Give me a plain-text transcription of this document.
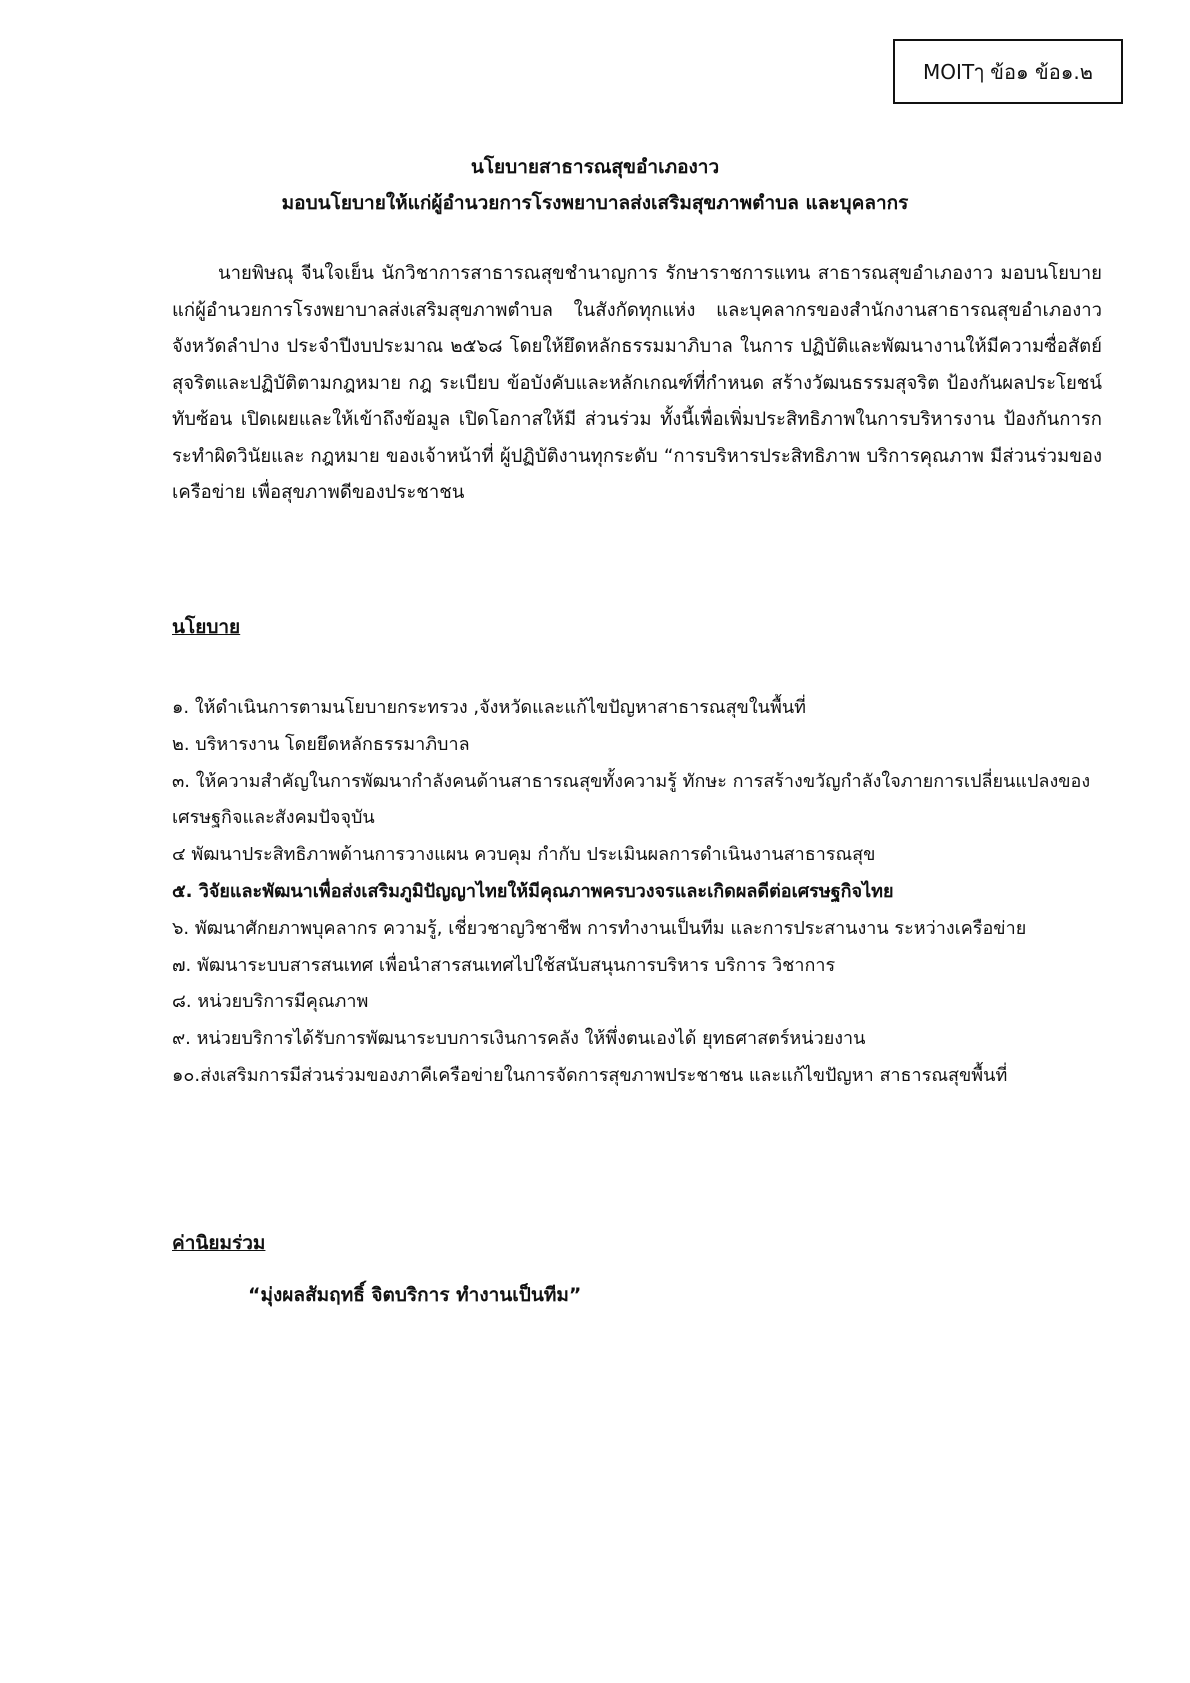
MOITๅ ข้อ๑ ข้อ๑.๒
นโยบายสาธารณสุขอำเภองาว
มอบนโยบายให้แก่ผู้อำนวยการโรงพยาบาลส่งเสริมสุขภาพตำบล และบุคลากร

นายพิษณุ จีนใจเย็น นักวิชาการสาธารณสุขชำนาญการ รักษาราชการแทน สาธารณสุขอำเภองาว มอบนโยบายแก่ผู้อำนวยการโรงพยาบาลส่งเสริมสุขภาพตำบล ในสังกัดทุกแห่ง และบุคลากรของสำนักงานสาธารณสุขอำเภองาว จังหวัดลำปาง ประจำปีงบประมาณ ๒๕๖๘ โดยให้ยึดหลักธรรมมาภิบาล ในการ ปฏิบัติและพัฒนางานให้มีความซื่อสัตย์ สุจริตและปฏิบัติตามกฎหมาย กฎ ระเบียบ ข้อบังคับและหลักเกณฑ์ที่กำหนด สร้างวัฒนธรรมสุจริต ป้องกันผลประโยชน์ทับซ้อน เปิดเผยและให้เข้าถึงข้อมูล เปิดโอกาสให้มี ส่วนร่วม ทั้งนี้เพื่อเพิ่มประสิทธิภาพในการบริหารงาน ป้องกันการกระทำผิดวินัยและ กฎหมาย ของเจ้าหน้าที่ ผู้ปฏิบัติงานทุกระดับ “การบริหารประสิทธิภาพ บริการคุณภาพ มีส่วนร่วมของเครือข่าย เพื่อสุขภาพดีของประชาชน

นโยบาย
๑. ให้ดำเนินการตามนโยบายกระทรวง ,จังหวัดและแก้ไขปัญหาสาธารณสุขในพื้นที่
๒. บริหารงาน โดยยึดหลักธรรมาภิบาล
๓. ให้ความสำคัญในการพัฒนากำลังคนด้านสาธารณสุขทั้งความรู้ ทักษะ การสร้างขวัญกำลังใจภายการเปลี่ยนแปลงของเศรษฐกิจและสังคมปัจจุบัน
๔ พัฒนาประสิทธิภาพด้านการวางแผน ควบคุม กำกับ ประเมินผลการดำเนินงานสาธารณสุข
๕. วิจัยและพัฒนาเพื่อส่งเสริมภูมิปัญญาไทยให้มีคุณภาพครบวงจรและเกิดผลดีต่อเศรษฐกิจไทย
๖. พัฒนาศักยภาพบุคลากร ความรู้, เชี่ยวชาญวิชาชีพ การทำงานเป็นทีม และการประสานงาน ระหว่างเครือข่าย
๗. พัฒนาระบบสารสนเทศ เพื่อนำสารสนเทศไปใช้สนับสนุนการบริหาร บริการ วิชาการ
๘. หน่วยบริการมีคุณภาพ
๙. หน่วยบริการได้รับการพัฒนาระบบการเงินการคลัง ให้พึ่งตนเองได้ ยุทธศาสตร์หน่วยงาน
๑๐.ส่งเสริมการมีส่วนร่วมของภาคีเครือข่ายในการจัดการสุขภาพประชาชน และแก้ไขปัญหา สาธารณสุขพื้นที่
ค่านิยมร่วม
“มุ่งผลสัมฤทธิ์ จิตบริการ ทำงานเป็นทีม”
